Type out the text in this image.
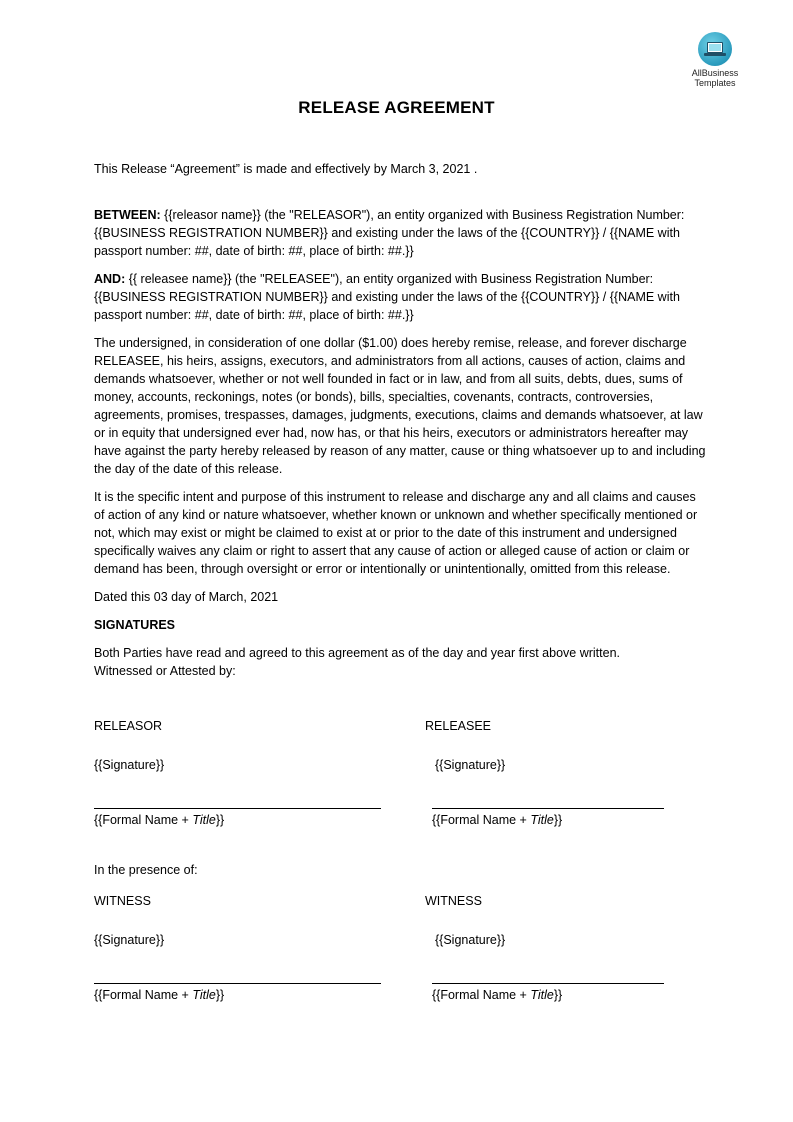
AllBusiness
Templates
RELEASE AGREEMENT

This Release “Agreement” is made and effectively by March 3, 2021 .

BETWEEN: {{releasor name}} (the "RELEASOR"), an entity organized with Business Registration Number: {{BUSINESS REGISTRATION NUMBER}} and existing under the laws of the {{COUNTRY}} / {{NAME with passport number: ##, date of birth: ##, place of birth: ##.}}

AND: {{ releasee name}} (the "RELEASEE"), an entity organized with Business Registration Number: {{BUSINESS REGISTRATION NUMBER}} and existing under the laws of the {{COUNTRY}} / {{NAME with passport number: ##, date of birth: ##, place of birth: ##.}}

The undersigned, in consideration of one dollar ($1.00) does hereby remise, release, and forever discharge RELEASEE, his heirs, assigns, executors, and administrators from all actions, causes of action, claims and demands whatsoever, whether or not well founded in fact or in law, and from all suits, debts, dues, sums of money, accounts, reckonings, notes (or bonds), bills, specialties, covenants, contracts, controversies, agreements, promises, trespasses, damages, judgments, executions, claims and demands whatsoever, at law or in equity that undersigned ever had, now has, or that his heirs, executors or administrators hereafter may have against the party hereby released by reason of any matter, cause or thing whatsoever up to and including the day of the date of this release.

It is the specific intent and purpose of this instrument to release and discharge any and all claims and causes of action of any kind or nature whatsoever, whether known or unknown and whether specifically mentioned or not, which may exist or might be claimed to exist at or prior to the date of this instrument and undersigned specifically waives any claim or right to assert that any cause of action or alleged cause of action or claim or demand has been, through oversight or error or intentionally or unintentionally, omitted from this release.

Dated this 03 day of March, 2021

SIGNATURES

Both Parties have read and agreed to this agreement as of the day and year first above written.

Witnessed or Attested by:

RELEASOR	RELEASEE
{{Signature}}	{{Signature}}
{{Formal Name + Title}}	{{Formal Name + Title}}
In the presence of:
WITNESS	WITNESS
{{Signature}}	{{Signature}}
{{Formal Name + Title}}	{{Formal Name + Title}}
